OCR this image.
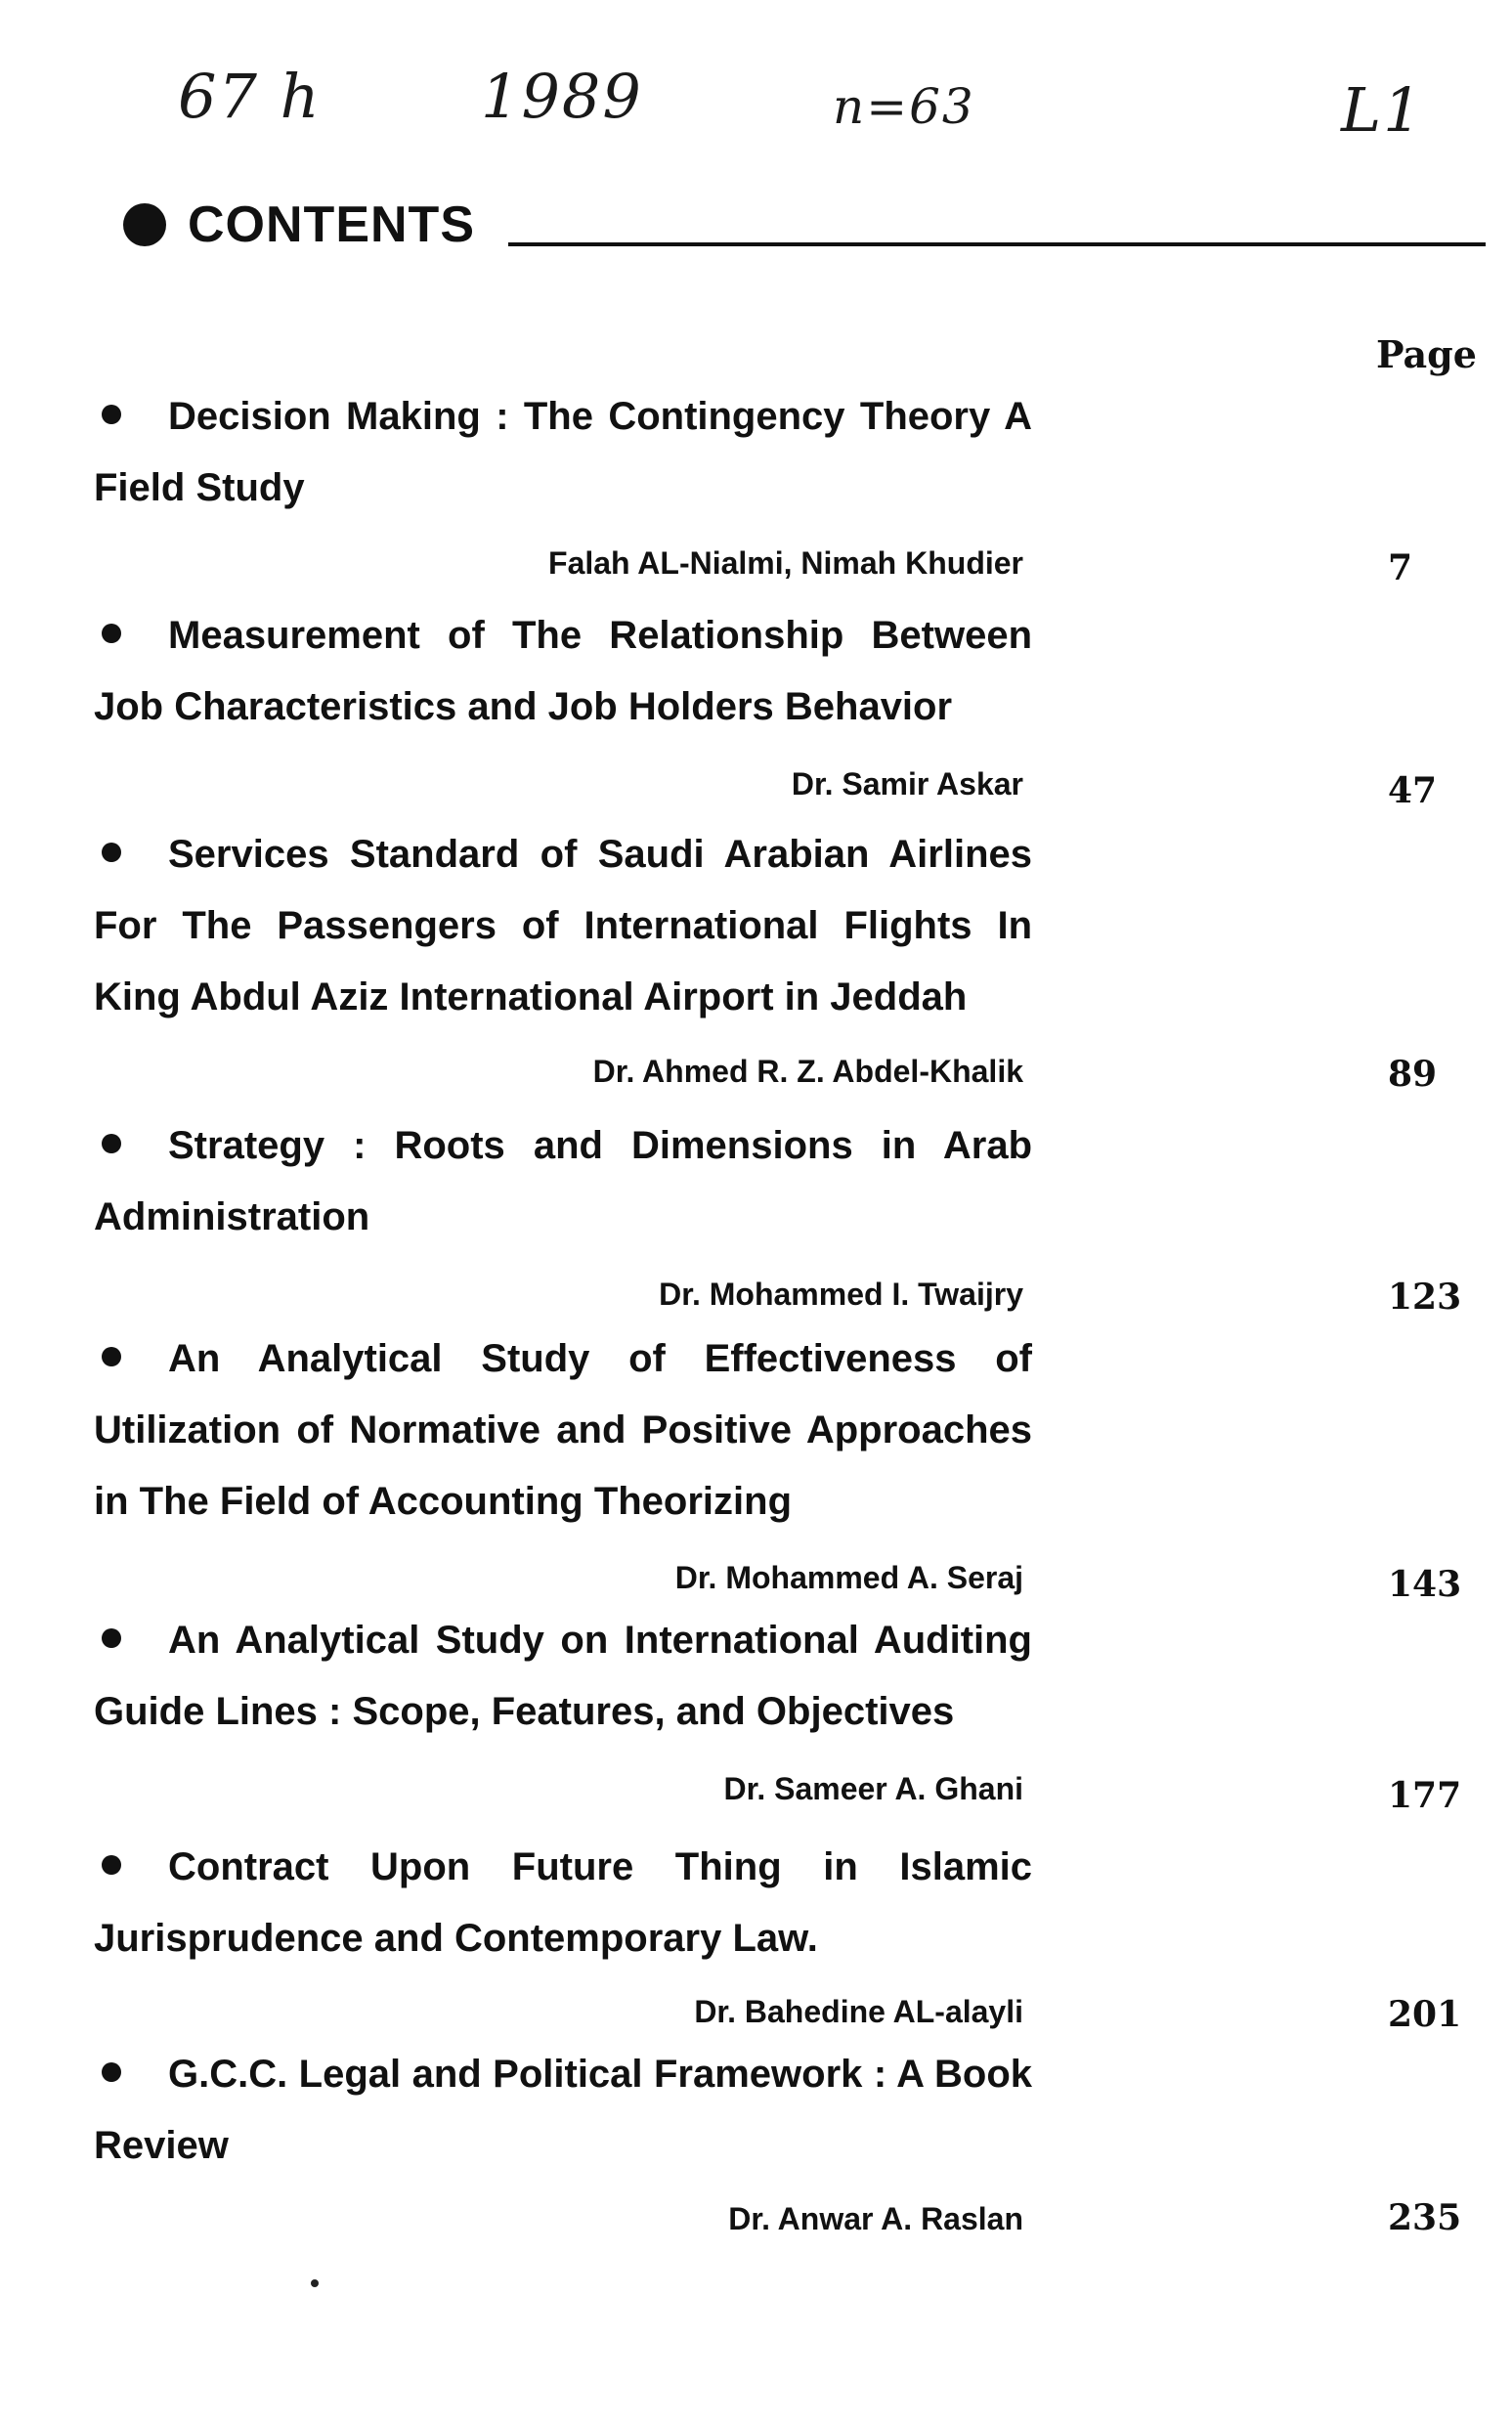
67 h	1989	n=63	L1
CONTENTS
Page
Decision Making : The Contingency Theory A Field Study
Falah AL-Nialmi, Nimah Khudier	7
Measurement of The Relationship Between Job Characteristics and Job Holders Behavior
Dr. Samir Askar	47
Services Standard of Saudi Arabian Airlines For The Passengers of International Flights In King Abdul Aziz International Airport in Jeddah
Dr. Ahmed R. Z. Abdel-Khalik	89
Strategy : Roots and Dimensions in Arab Administration
Dr. Mohammed I. Twaijry	123
An Analytical Study of Effectiveness of Utilization of Normative and Positive Approaches in The Field of Accounting Theorizing
Dr. Mohammed A. Seraj	143
An Analytical Study on International Auditing Guide Lines : Scope, Features, and Objectives
Dr. Sameer A. Ghani	177
Contract Upon Future Thing in Islamic Jurisprudence and Contemporary Law.
Dr. Bahedine AL-alayli	201
G.C.C. Legal and Political Framework : A Book Review
Dr. Anwar A. Raslan	235
